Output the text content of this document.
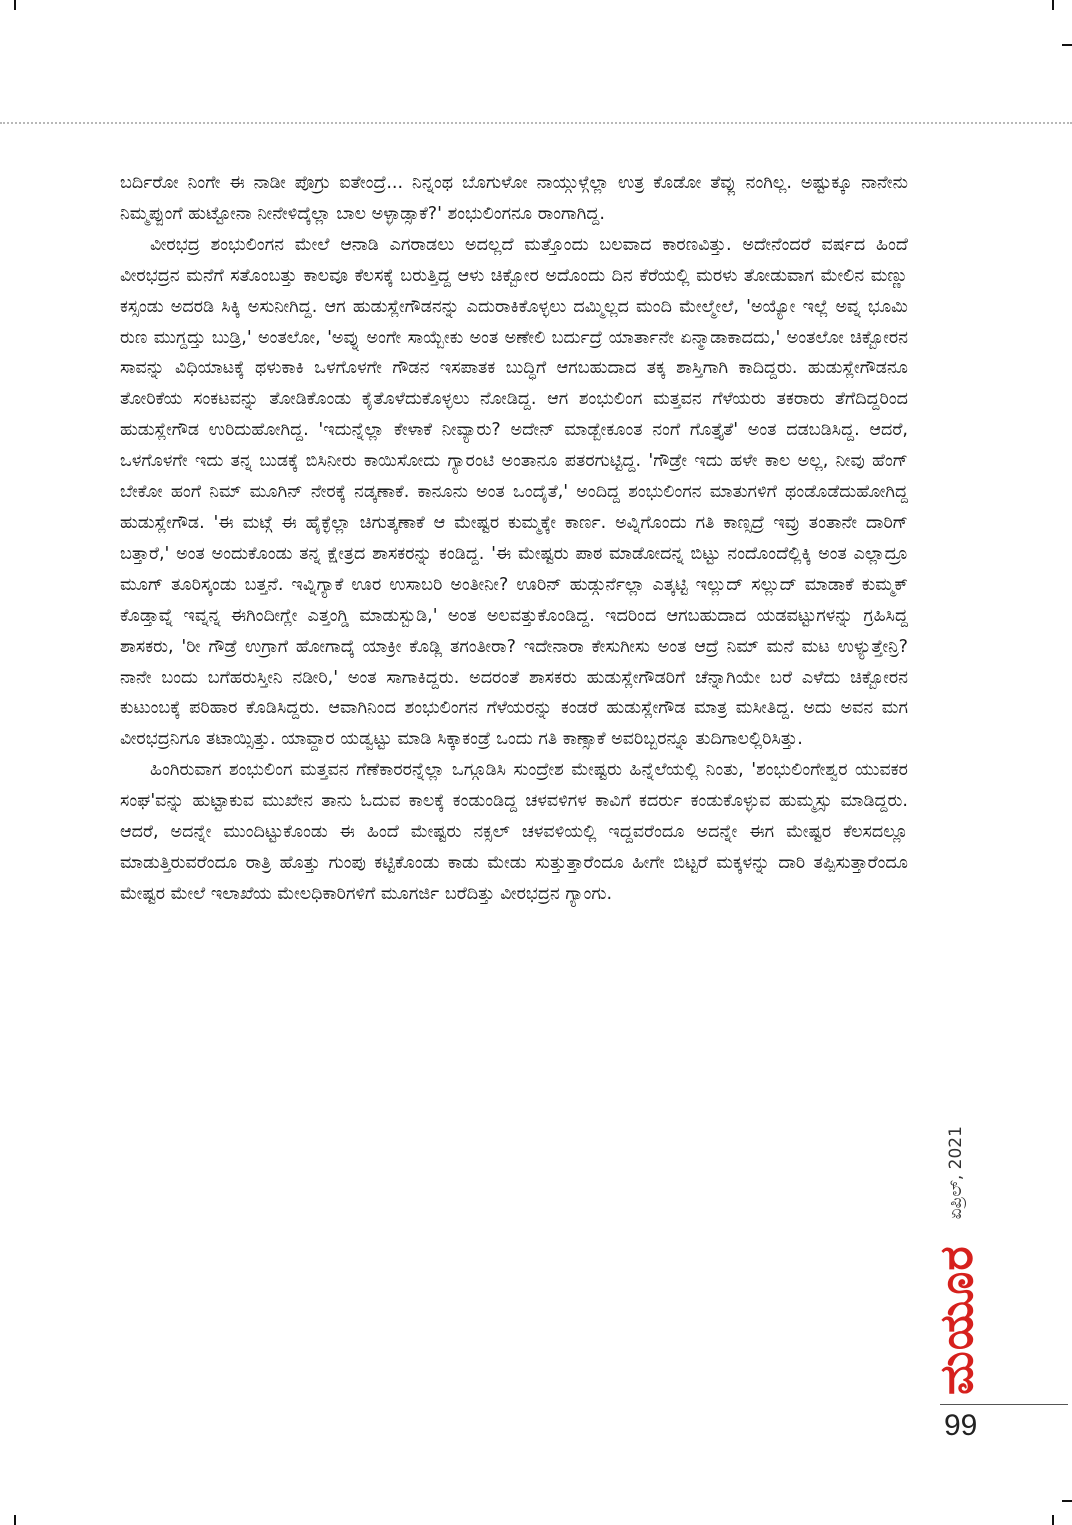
ಬರ್ದಿರೋ ನಿಂಗೇ ಈ ನಾಡೀ ಪೊಗ್ರು ಐತೇಂದ್ರೆ... ನಿನ್ನಂಥ ಬೊಗುಳೋ ನಾಯ್ಗುಳ್ಗೆಲ್ಲಾ ಉತ್ರ ಕೊಡೋ ತೆವ್ಲು ನಂಗಿಲ್ಲ. ಅಷ್ಟುಕ್ಕೂ ನಾನೇನು ನಿಮ್ಮಪ್ಪುಂಗೆ ಹುಟ್ಟೋನಾ ನೀನೇಳಿದ್ಕೆಲ್ಲಾ ಬಾಲ ಅಳ್ಳಾಡ್ಸಾಕೆ?' ಶಂಭುಲಿಂಗನೂ ರಾಂಗಾಗಿದ್ದ.

ವೀರಭದ್ರ ಶಂಭುಲಿಂಗನ ಮೇಲೆ ಆನಾಡಿ ಎಗರಾಡಲು ಅದಲ್ಲದೆ ಮತ್ತೊಂದು ಬಲವಾದ ಕಾರಣವಿತ್ತು. ಅದೇನೆಂದರೆ ವರ್ಷದ ಹಿಂದೆ ವೀರಭದ್ರನ ಮನೆಗೆ ಸತೊಂಬತ್ತು ಕಾಲವೂ ಕೆಲಸಕ್ಕೆ ಬರುತ್ತಿದ್ದ ಆಳು ಚಿಕ್ಬೋರ ಅದೊಂದು ದಿನ ಕೆರೆಯಲ್ಲಿ ಮರಳು ತೋಡುವಾಗ ಮೇಲಿನ ಮಣ್ಣು ಕಸ್ಸಂಡು ಅದರಡಿ ಸಿಕ್ಕಿ ಅಸುನೀಗಿದ್ದ. ಆಗ ಹುಡುಸ್ಲೇಗೌಡನನ್ನು ಎದುರಾಕಿಕೊಳ್ಳಲು ದಮ್ಮಿಲ್ಲದ ಮಂದಿ ಮೇಲ್ಮೇಲೆ, 'ಅಯ್ಯೋ ಇಲ್ಲೆ ಅವ್ನ ಭೂಮಿ ರುಣ ಮುಗ್ದದ್ತು ಬುಡ್ರಿ,' ಅಂತಲೋ, 'ಅವ್ನು ಅಂಗೇ ಸಾಯ್ಬೇಕು ಅಂತ ಅಣೇಲಿ ಬರ್ದುದ್ರೆ ಯಾರ್ತಾನೇ ಏನ್ಮಾಡಾಕಾದದು,' ಅಂತಲೋ ಚಿಕ್ಬೋರನ ಸಾವನ್ನು ವಿಧಿಯಾಟಕ್ಕೆ ಥಳುಕಾಕಿ ಒಳಗೊಳಗೇ ಗೌಡನ ಇಸಪಾತಕ ಬುದ್ಧಿಗೆ ಆಗಬಹುದಾದ ತಕ್ಕ ಶಾಸ್ತಿಗಾಗಿ ಕಾದಿದ್ದರು. ಹುಡುಸ್ಲೇಗೌಡನೂ ತೋರಿಕೆಯ ಸಂಕಟವನ್ನು ತೋಡಿಕೊಂಡು ಕೈತೊಳೆದುಕೊಳ್ಳಲು ನೋಡಿದ್ದ. ಆಗ ಶಂಭುಲಿಂಗ ಮತ್ತವನ ಗೆಳೆಯರು ತಕರಾರು ತೆಗೆದಿದ್ದರಿಂದ ಹುಡುಸ್ಲೇಗೌಡ ಉರಿದುಹೋಗಿದ್ದ. 'ಇದುನ್ನೆಲ್ಲಾ ಕೇಳಾಕೆ ನೀವ್ಯಾರು? ಅದೇನ್ ಮಾಡ್ಬೇಕೂಂತ ನಂಗೆ ಗೊತ್ತೈತೆ' ಅಂತ ದಡಬಡಿಸಿದ್ದ. ಆದರೆ, ಒಳಗೊಳಗೇ ಇದು ತನ್ನ ಬುಡಕ್ಕೆ ಬಿಸಿನೀರು ಕಾಯಿಸೋದು ಗ್ಯಾರಂಟಿ ಅಂತಾನೂ ಪತರಗುಟ್ಟಿದ್ದ. 'ಗೌಡ್ರೇ ಇದು ಹಳೇ ಕಾಲ ಅಲ್ಲ, ನೀವು ಹೆಂಗ್ ಬೇಕೋ ಹಂಗೆ ನಿಮ್ ಮೂಗಿನ್ ನೇರಕ್ಕೆ ನಡ್ಕಣಾಕೆ. ಕಾನೂನು ಅಂತ ಒಂದೈತೆ,' ಅಂದಿದ್ದ ಶಂಭುಲಿಂಗನ ಮಾತುಗಳಿಗೆ ಥಂಡೊಡೆದುಹೋಗಿದ್ದ ಹುಡುಸ್ಲೇಗೌಡ. 'ಈ ಮಟ್ಗೆ ಈ ಹೈಕ್ಳೆಲ್ಲಾ ಚಿಗುತ್ಕಣಾಕೆ ಆ ಮೇಷ್ಟರ ಕುಮ್ಮಕ್ಕೇ ಕಾರ್ಣ. ಅವ್ನಿಗೊಂದು ಗತಿ ಕಾಣ್ಸದ್ರೆ ಇವ್ರು ತಂತಾನೇ ದಾರಿಗ್ ಬತ್ತಾರೆ,' ಅಂತ ಅಂದುಕೊಂಡು ತನ್ನ ಕ್ಷೇತ್ರದ ಶಾಸಕರನ್ನು ಕಂಡಿದ್ದ. 'ಈ ಮೇಷ್ಟರು ಪಾಠ ಮಾಡೋದನ್ನ ಬಿಟ್ಟು ನಂದೊಂದೆಲ್ಲಿಕ್ಕಿ ಅಂತ ಎಲ್ಲಾದ್ರೂ ಮೂಗ್ ತೂರಿಸ್ಕಂಡು ಬತ್ತನೆ. ಇವ್ನಿಗ್ಯಾಕೆ ಊರ ಉಸಾಬರಿ ಅಂತೀನೀ? ಊರಿನ್ ಹುಡ್ಗುರ್ನೆಲ್ಲಾ ಎತ್ಕಟ್ಟಿ ಇಲ್ಲುದ್ ಸಲ್ಲುದ್ ಮಾಡಾಕೆ ಕುಮ್ಮಕ್ ಕೊಡ್ತಾವ್ನೆ ಇವ್ನನ್ನ ಈಗಿಂದೀಗ್ಲೇ ಎತ್ತಂಗ್ಡಿ ಮಾಡುಸ್ಬುಡಿ,' ಅಂತ ಅಲವತ್ತುಕೊಂಡಿದ್ದ. ಇದರಿಂದ ಆಗಬಹುದಾದ ಯಡವಟ್ಟುಗಳನ್ನು ಗ್ರಹಿಸಿದ್ದ ಶಾಸಕರು, 'ರೀ ಗೌಡ್ರೆ ಉಗ್ರಾಗೆ ಹೋಗಾದ್ಕೆ ಯಾಕ್ರೀ ಕೊಡ್ಲಿ ತಗಂತೀರಾ? ಇದೇನಾರಾ ಕೇಸುಗೀಸು ಅಂತ ಆದ್ರೆ ನಿಮ್ ಮನೆ ಮಟ ಉಳ್ಯುತ್ತೇನ್ರಿ? ನಾನೇ ಬಂದು ಬಗೆಹರುಸ್ತೀನಿ ನಡೀರಿ,' ಅಂತ ಸಾಗಾಕಿದ್ದರು. ಅದರಂತೆ ಶಾಸಕರು ಹುಡುಸ್ಲೇಗೌಡರಿಗೆ ಚೆನ್ನಾಗಿಯೇ ಬರೆ ಎಳೆದು ಚಿಕ್ಬೋರನ ಕುಟುಂಬಕ್ಕೆ ಪರಿಹಾರ ಕೊಡಿಸಿದ್ದರು. ಆವಾಗಿನಿಂದ ಶಂಭುಲಿಂಗನ ಗೆಳೆಯರನ್ನು ಕಂಡರೆ ಹುಡುಸ್ಲೇಗೌಡ ಮಾತ್ರ ಮಸೀತಿದ್ದ. ಅದು ಅವನ ಮಗ ವೀರಭದ್ರನಿಗೂ ತಟಾಯ್ಸಿತ್ತು. ಯಾವ್ದಾರ ಯಡ್ವಟ್ಟು ಮಾಡಿ ಸಿಕ್ಕಾಕಂಡ್ರೆ ಒಂದು ಗತಿ ಕಾಣ್ಸಾಕೆ ಅವರಿಬ್ಬರನ್ನೂ ತುದಿಗಾಲಲ್ಲಿರಿಸಿತ್ತು.

ಹಿಂಗಿರುವಾಗ ಶಂಭುಲಿಂಗ ಮತ್ತವನ ಗೆಣೆಕಾರರನ್ನೆಲ್ಲಾ ಒಗ್ಗೂಡಿಸಿ ಸುಂದ್ರೇಶ ಮೇಷ್ಟರು ಹಿನ್ನೆಲೆಯಲ್ಲಿ ನಿಂತು, 'ಶಂಭುಲಿಂಗೇಶ್ವರ ಯುವಕರ ಸಂಘ'ವನ್ನು ಹುಟ್ಟಾಕುವ ಮುಖೇನ ತಾನು ಓದುವ ಕಾಲಕ್ಕೆ ಕಂಡುಂಡಿದ್ದ ಚಳವಳಿಗಳ ಕಾವಿಗೆ ಕದರ್ರು ಕಂಡುಕೊಳ್ಳುವ ಹುಮ್ಮಸ್ಸು ಮಾಡಿದ್ದರು. ಆದರೆ, ಅದನ್ನೇ ಮುಂದಿಟ್ಟುಕೊಂಡು ಈ ಹಿಂದೆ ಮೇಷ್ಟರು ನಕ್ಸಲ್ ಚಳವಳಿಯಲ್ಲಿ ಇದ್ದವರೆಂದೂ ಅದನ್ನೇ ಈಗ ಮೇಷ್ಟರ ಕೆಲಸದಲ್ಲೂ ಮಾಡುತ್ತಿರುವರೆಂದೂ ರಾತ್ರಿ ಹೊತ್ತು ಗುಂಪು ಕಟ್ಟಿಕೊಂಡು ಕಾಡು ಮೇಡು ಸುತ್ತುತ್ತಾರೆಂದೂ ಹೀಗೇ ಬಿಟ್ಟರೆ ಮಕ್ಕಳನ್ನು ದಾರಿ ತಪ್ಪಿಸುತ್ತಾರೆಂದೂ ಮೇಷ್ಟರ ಮೇಲೆ ಇಲಾಖೆಯ ಮೇಲಧಿಕಾರಿಗಳಿಗೆ ಮೂಗರ್ಜಿ ಬರೆದಿತ್ತು ವೀರಭದ್ರನ ಗ್ಯಾಂಗು.

ಮಯೂರ
ಏಪ್ರಿಲ್, 2021
99
